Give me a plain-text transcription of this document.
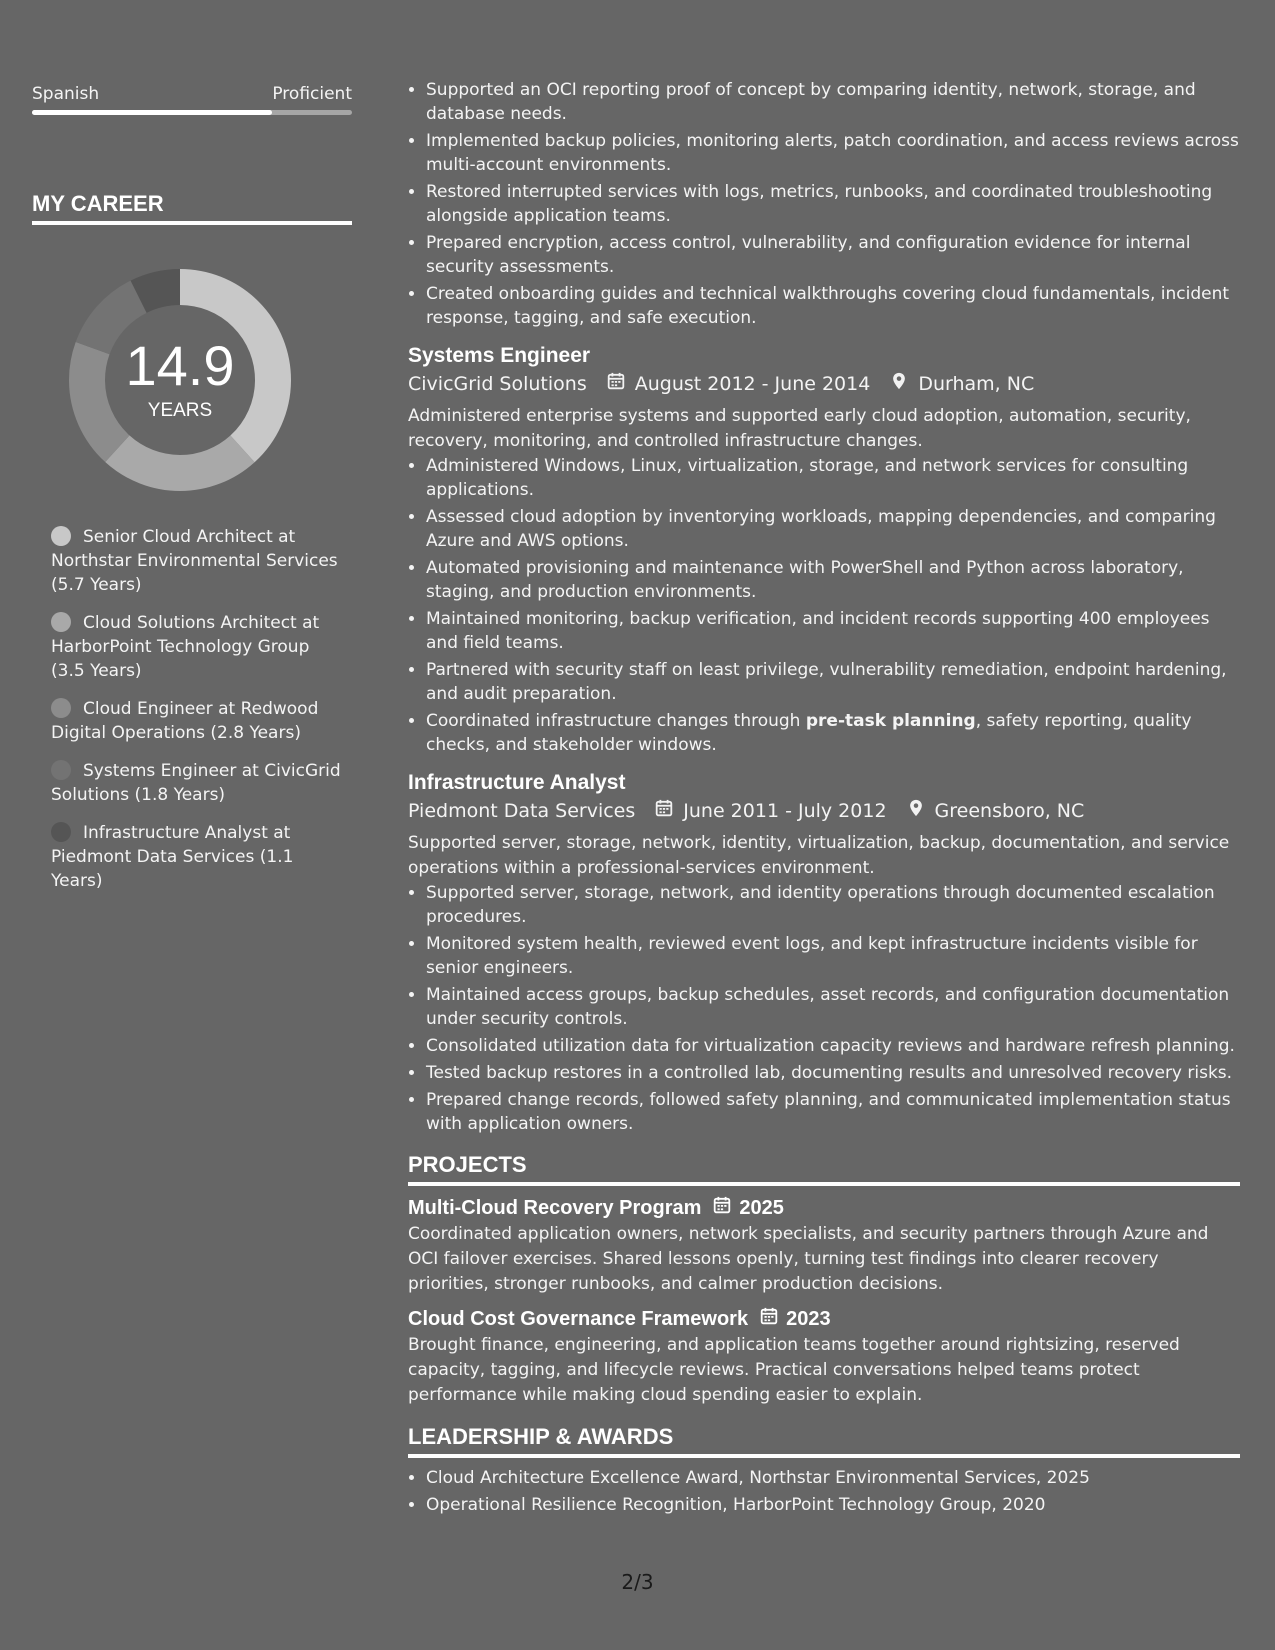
Spanish	Proficient
MY CAREER
14.9
YEARS
Senior Cloud Architect at Northstar Environmental Services (5.7 Years)
Cloud Solutions Architect at HarborPoint Technology Group (3.5 Years)
Cloud Engineer at Redwood Digital Operations (2.8 Years)
Systems Engineer at CivicGrid Solutions (1.8 Years)
Infrastructure Analyst at Piedmont Data Services (1.1 Years)
• Supported an OCI reporting proof of concept by comparing identity, network, storage, and database needs.
• Implemented backup policies, monitoring alerts, patch coordination, and access reviews across multi-account environments.
• Restored interrupted services with logs, metrics, runbooks, and coordinated troubleshooting alongside application teams.
• Prepared encryption, access control, vulnerability, and configuration evidence for internal security assessments.
• Created onboarding guides and technical walkthroughs covering cloud fundamentals, incident response, tagging, and safe execution.
Systems Engineer
CivicGrid Solutions	August 2012 - June 2014	Durham, NC
Administered enterprise systems and supported early cloud adoption, automation, security, recovery, monitoring, and controlled infrastructure changes.
• Administered Windows, Linux, virtualization, storage, and network services for consulting applications.
• Assessed cloud adoption by inventorying workloads, mapping dependencies, and comparing Azure and AWS options.
• Automated provisioning and maintenance with PowerShell and Python across laboratory, staging, and production environments.
• Maintained monitoring, backup verification, and incident records supporting 400 employees and field teams.
• Partnered with security staff on least privilege, vulnerability remediation, endpoint hardening, and audit preparation.
• Coordinated infrastructure changes through pre-task planning, safety reporting, quality checks, and stakeholder windows.
Infrastructure Analyst
Piedmont Data Services	June 2011 - July 2012	Greensboro, NC
Supported server, storage, network, identity, virtualization, backup, documentation, and service operations within a professional-services environment.
• Supported server, storage, network, and identity operations through documented escalation procedures.
• Monitored system health, reviewed event logs, and kept infrastructure incidents visible for senior engineers.
• Maintained access groups, backup schedules, asset records, and configuration documentation under security controls.
• Consolidated utilization data for virtualization capacity reviews and hardware refresh planning.
• Tested backup restores in a controlled lab, documenting results and unresolved recovery risks.
• Prepared change records, followed safety planning, and communicated implementation status with application owners.
PROJECTS
Multi-Cloud Recovery Program 2025
Coordinated application owners, network specialists, and security partners through Azure and OCI failover exercises. Shared lessons openly, turning test findings into clearer recovery priorities, stronger runbooks, and calmer production decisions.
Cloud Cost Governance Framework 2023
Brought finance, engineering, and application teams together around rightsizing, reserved capacity, tagging, and lifecycle reviews. Practical conversations helped teams protect performance while making cloud spending easier to explain.
LEADERSHIP & AWARDS
• Cloud Architecture Excellence Award, Northstar Environmental Services, 2025
• Operational Resilience Recognition, HarborPoint Technology Group, 2020
2/3
